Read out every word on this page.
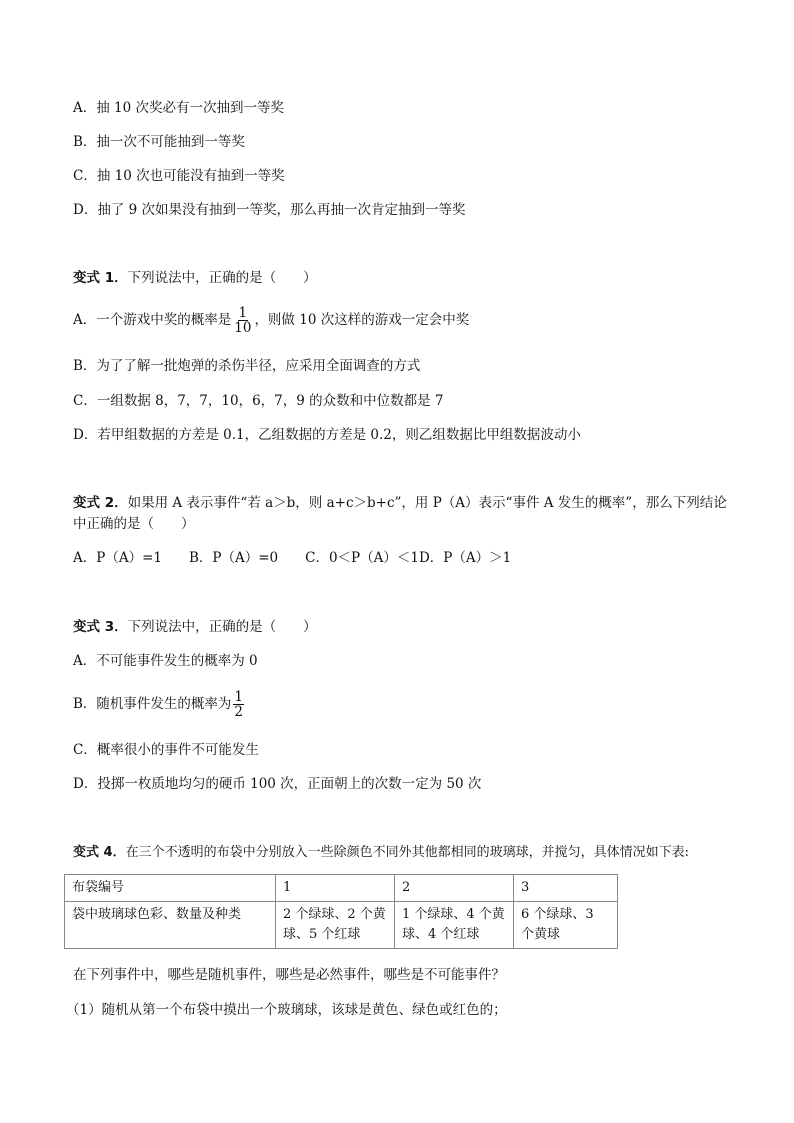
A．抽 10 次奖必有一次抽到一等奖
B．抽一次不可能抽到一等奖
C．抽 10 次也可能没有抽到一等奖
D．抽了 9 次如果没有抽到一等奖，那么再抽一次肯定抽到一等奖
变式 1．下列说法中，正确的是（　　）
A．一个游戏中奖的概率是 $\frac{1}{10}$ ，则做 10 次这样的游戏一定会中奖
B．为了了解一批炮弹的杀伤半径，应采用全面调查的方式
C．一组数据 8，7，7，10，6，7，9 的众数和中位数都是 7
D．若甲组数据的方差是 0.1，乙组数据的方差是 0.2，则乙组数据比甲组数据波动小
变式 2．如果用 A 表示事件“若 a＞b，则 a+c＞b+c”，用 P（A）表示“事件 A 发生的概率”，那么下列结论
中正确的是（　　）
A．P（A）=1　　B．P（A）=0　　C．0＜P（A）＜1D．P（A）＞1
变式 3．下列说法中，正确的是（　　）
A．不可能事件发生的概率为 0
B．随机事件发生的概率为 $\frac{1}{2}$
C．概率很小的事件不可能发生
D．投掷一枚质地均匀的硬币 100 次，正面朝上的次数一定为 50 次
变式 4．在三个不透明的布袋中分别放入一些除颜色不同外其他都相同的玻璃球，并搅匀，具体情况如下表:
布袋编号	1	2	3
袋中玻璃球色彩、数量及种类	2 个绿球、2 个黄球、5 个红球	1 个绿球、4 个黄球、4 个红球	6 个绿球、3 个黄球
在下列事件中，哪些是随机事件，哪些是必然事件，哪些是不可能事件？
（1）随机从第一个布袋中摸出一个玻璃球，该球是黄色、绿色或红色的；
